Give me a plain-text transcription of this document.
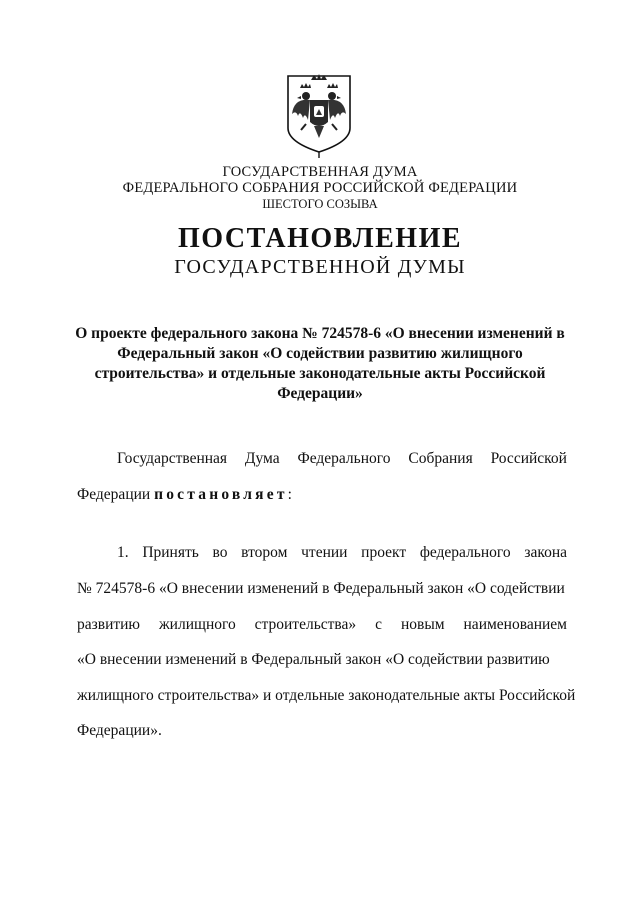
ГОСУДАРСТВЕННАЯ ДУМА
ФЕДЕРАЛЬНОГО СОБРАНИЯ РОССИЙСКОЙ ФЕДЕРАЦИИ
ШЕСТОГО СОЗЫВА
ПОСТАНОВЛЕНИЕ
ГОСУДАРСТВЕННОЙ ДУМЫ
О проекте федерального закона № 724578-6 «О внесении изменений в
Федеральный закон «О содействии развитию жилищного
строительства» и отдельные законодательные акты Российской
Федерации»
Государственная Дума Федерального Собрания Российской
Федерации постановляет:
1. Принять во втором чтении проект федерального закона
№ 724578-6 «О внесении изменений в Федеральный закон «О содействии
развитию жилищного строительства» с новым наименованием
«О внесении изменений в Федеральный закон «О содействии развитию
жилищного строительства» и отдельные законодательные акты Российской
Федерации».
